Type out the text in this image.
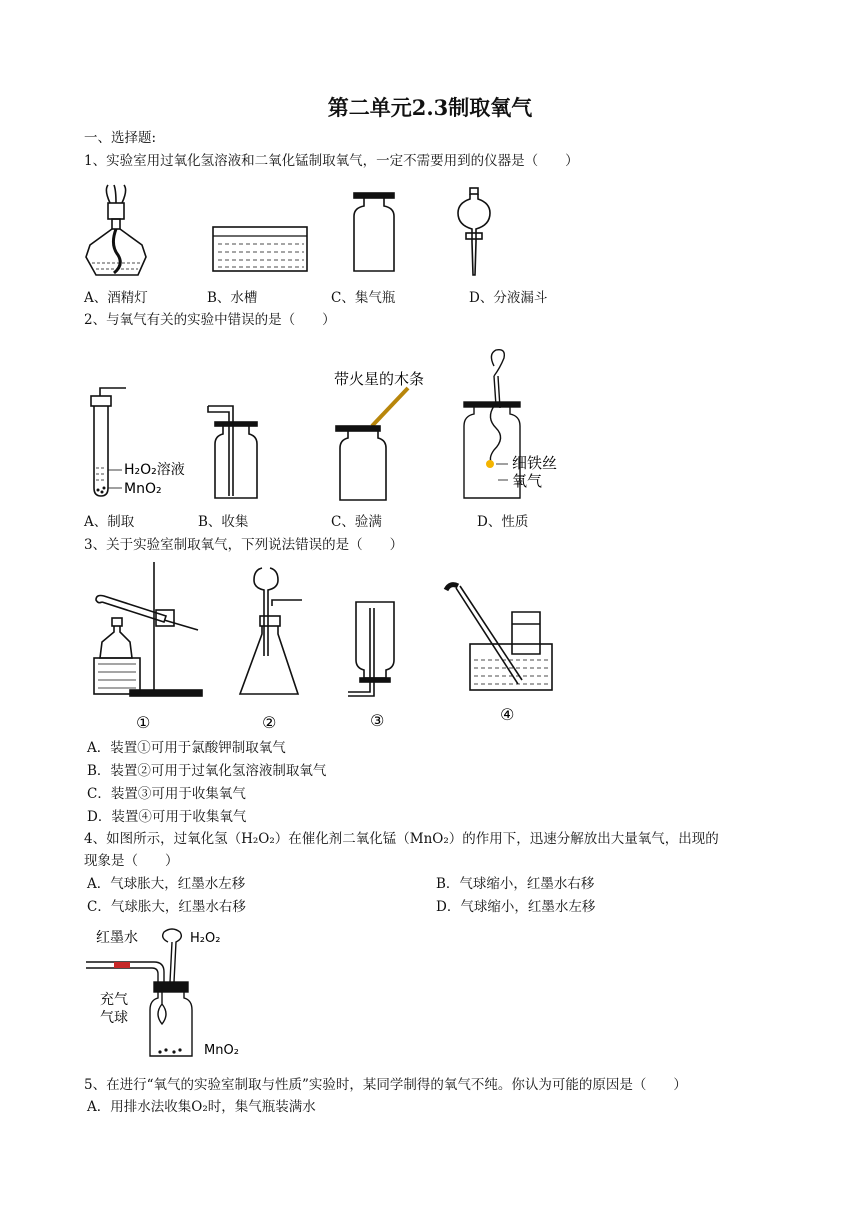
第二单元2.3制取氧气
一、选择题:
1、实验室用过氧化氢溶液和二氧化锰制取氧气，一定不需要用到的仪器是（　　）
A、酒精灯	B、水槽	C、集气瓶	D、分液漏斗
2、与氧气有关的实验中错误的是（　　）
H₂O₂溶液
MnO₂
带火星的木条
细铁丝
氧气
A、制取	B、收集	C、验满	D、性质
3、关于实验室制取氧气，下列说法错误的是（　　）
①	②	③	④
A．装置①可用于氯酸钾制取氧气
B．装置②可用于过氧化氢溶液制取氧气
C．装置③可用于收集氧气
D．装置④可用于收集氧气
4、如图所示，过氧化氢（H₂O₂）在催化剂二氧化锰（MnO₂）的作用下，迅速分解放出大量氧气，出现的
现象是（　　）
A．气球胀大，红墨水左移	B．气球缩小，红墨水右移
C．气球胀大，红墨水右移	D．气球缩小，红墨水左移
红墨水	H₂O₂
充气
气球
MnO₂
5、在进行“氧气的实验室制取与性质”实验时，某同学制得的氧气不纯。你认为可能的原因是（　　）
A．用排水法收集O₂时，集气瓶装满水
